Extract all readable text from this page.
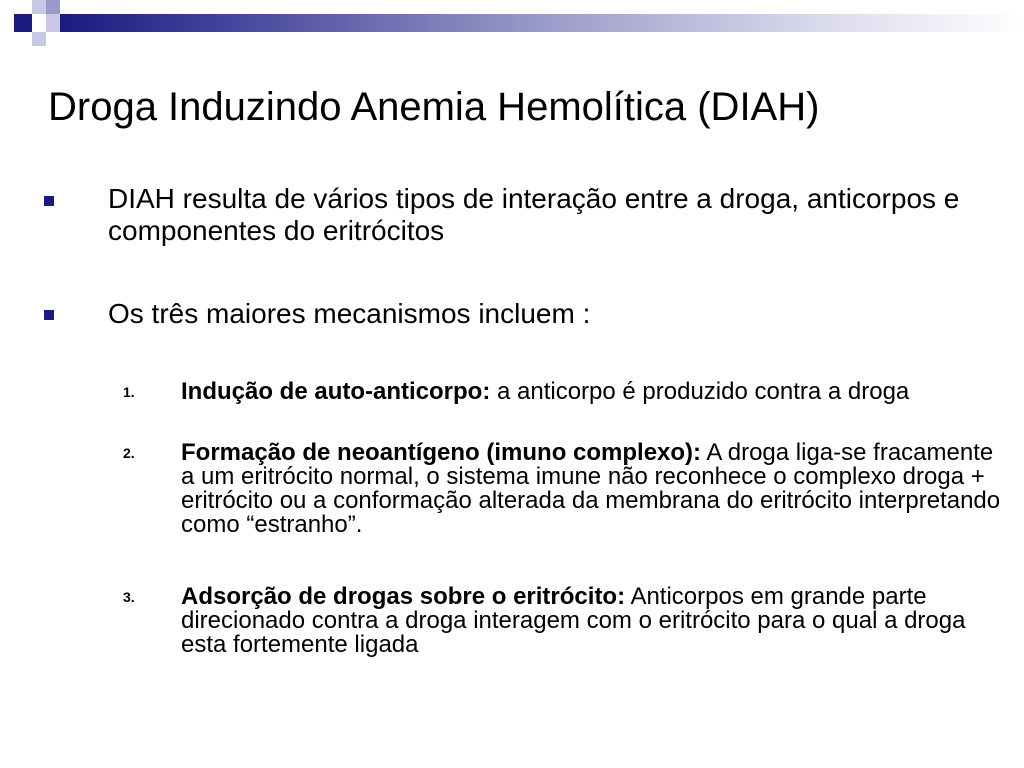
Droga Induzindo Anemia Hemolítica (DIAH)
DIAH resulta de vários tipos de interação entre a droga, anticorpos e componentes do eritrócitos
Os três maiores mecanismos incluem :
1. Indução de auto-anticorpo: a anticorpo é produzido contra a droga
2. Formação de neoantígeno (imuno complexo): A droga liga-se fracamente a um eritrócito normal, o sistema imune não reconhece o complexo droga + eritrócito ou a conformação alterada da membrana do eritrócito interpretando como “estranho”.
3. Adsorção de drogas sobre o eritrócito: Anticorpos em grande parte direcionado contra a droga interagem com o eritrócito para o qual a droga esta fortemente ligada
